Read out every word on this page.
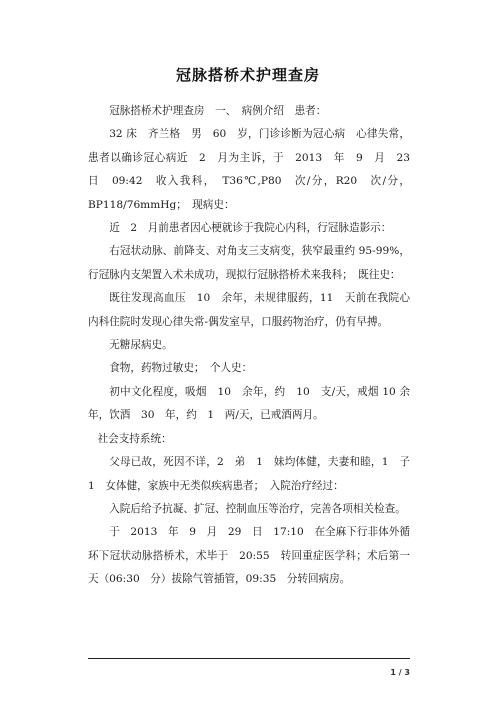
冠脉搭桥术护理查房

冠脉搭桥术护理查房　一、　病例介绍　患者：

32 床　齐兰格　男　60　岁，门诊诊断为冠心病　心律失常，患者以确诊冠心病近　2　月为主诉，于　2013　年　9　月　23　日　09:42　收入我科，　T36℃,P80　次/分，R20　次/分，BP118/76mmHg；　现病史：

近　2　月前患者因心梗就诊于我院心内科，行冠脉造影示：

右冠状动脉、前降支、对角支三支病变，狭窄最重约 95-99%，行冠脉内支架置入术未成功，现拟行冠脉搭桥术来我科；　既往史：

既往发现高血压　10　余年，未规律服药，11　天前在我院心内科住院时发现心律失常-偶发室早，口服药物治疗，仍有早搏。

无糖尿病史。

食物，药物过敏史；　个人史：

初中文化程度，吸烟　10　余年，约　10　支/天，戒烟 10 余年，饮酒　30　年，约　1　两/天，已戒酒两月。

社会支持系统：

父母已故，死因不详，2　弟　1　妹均体健，夫妻和睦，1　子　1　女体健，家族中无类似疾病患者；　入院治疗经过：

入院后给予抗凝、扩冠、控制血压等治疗，完善各项相关检查。

于　2013　年　9　月　29　日　17:10　在全麻下行非体外循环下冠状动脉搭桥术，术毕于　20:55　转回重症医学科；术后第一天（06:30　分）拔除气管插管，09:35　分转回病房。

1 / 3
